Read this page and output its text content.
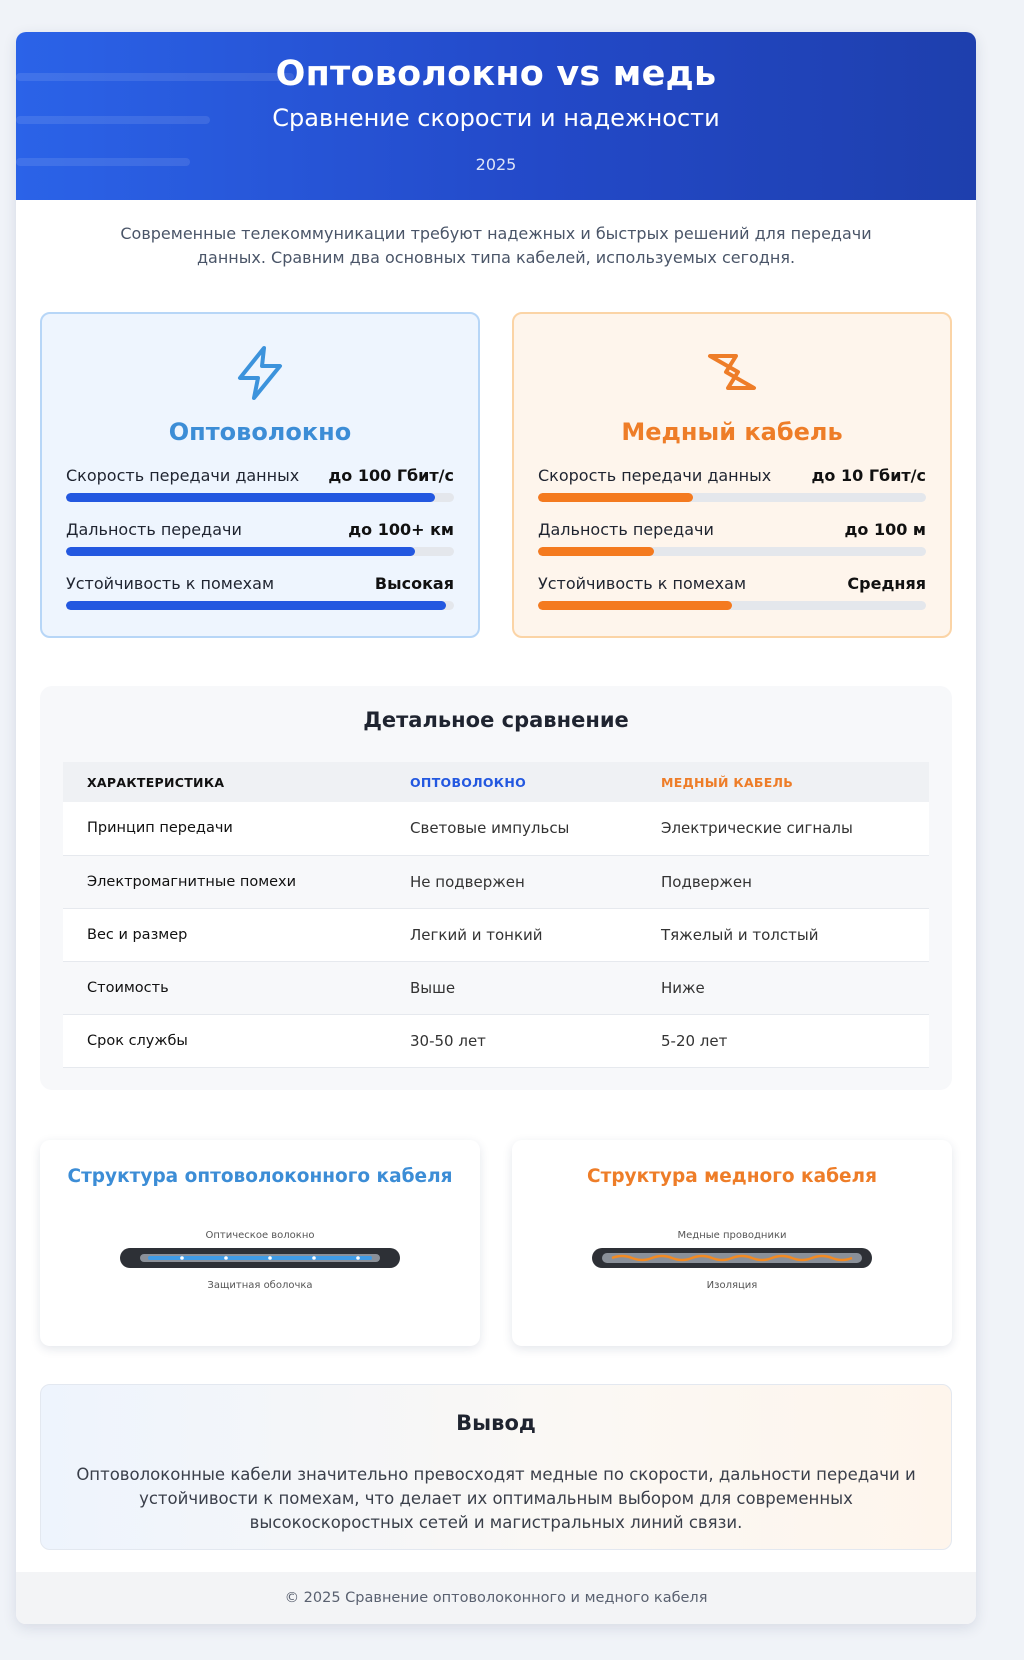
Оптоволокно vs медь
Сравнение скорости и надежности
2025

Современные телекоммуникации требуют надежных и быстрых решений для передачи данных. Сравним два основных типа кабелей, используемых сегодня.

Оптоволокно
Скорость передачи данных до 100 Гбит/с
Дальность передачи	до 100+ км
Устойчивость к помехам	Высокая
Медный кабель
Скорость передачи данных	до 10 Гбит/с
Дальность передачи	до 100 м
Устойчивость к помехам	Средняя
Детальное сравнение
ХАРАКТЕРИСТИКА	ОПТОВОЛОКНО	МЕДНЫЙ КАБЕЛЬ
Принцип передачи	Световые импульсы	Электрические сигналы
Электромагнитные помехи	Не подвержен	Подвержен
Вес и размер	Легкий и тонкий	Тяжелый и толстый
Стоимость	Выше	Ниже
Срок службы	30-50 лет	5-20 лет
Структура оптоволоконного кабеля
Оптическое волокно
Защитная оболочка
Структура медного кабеля
Медные проводники
Изоляция
Вывод

Оптоволоконные кабели значительно превосходят медные по скорости, дальности передачи и устойчивости к помехам, что делает их оптимальным выбором для современных высокоскоростных сетей и магистральных линий связи.

© 2025 Сравнение оптоволоконного и медного кабеля
